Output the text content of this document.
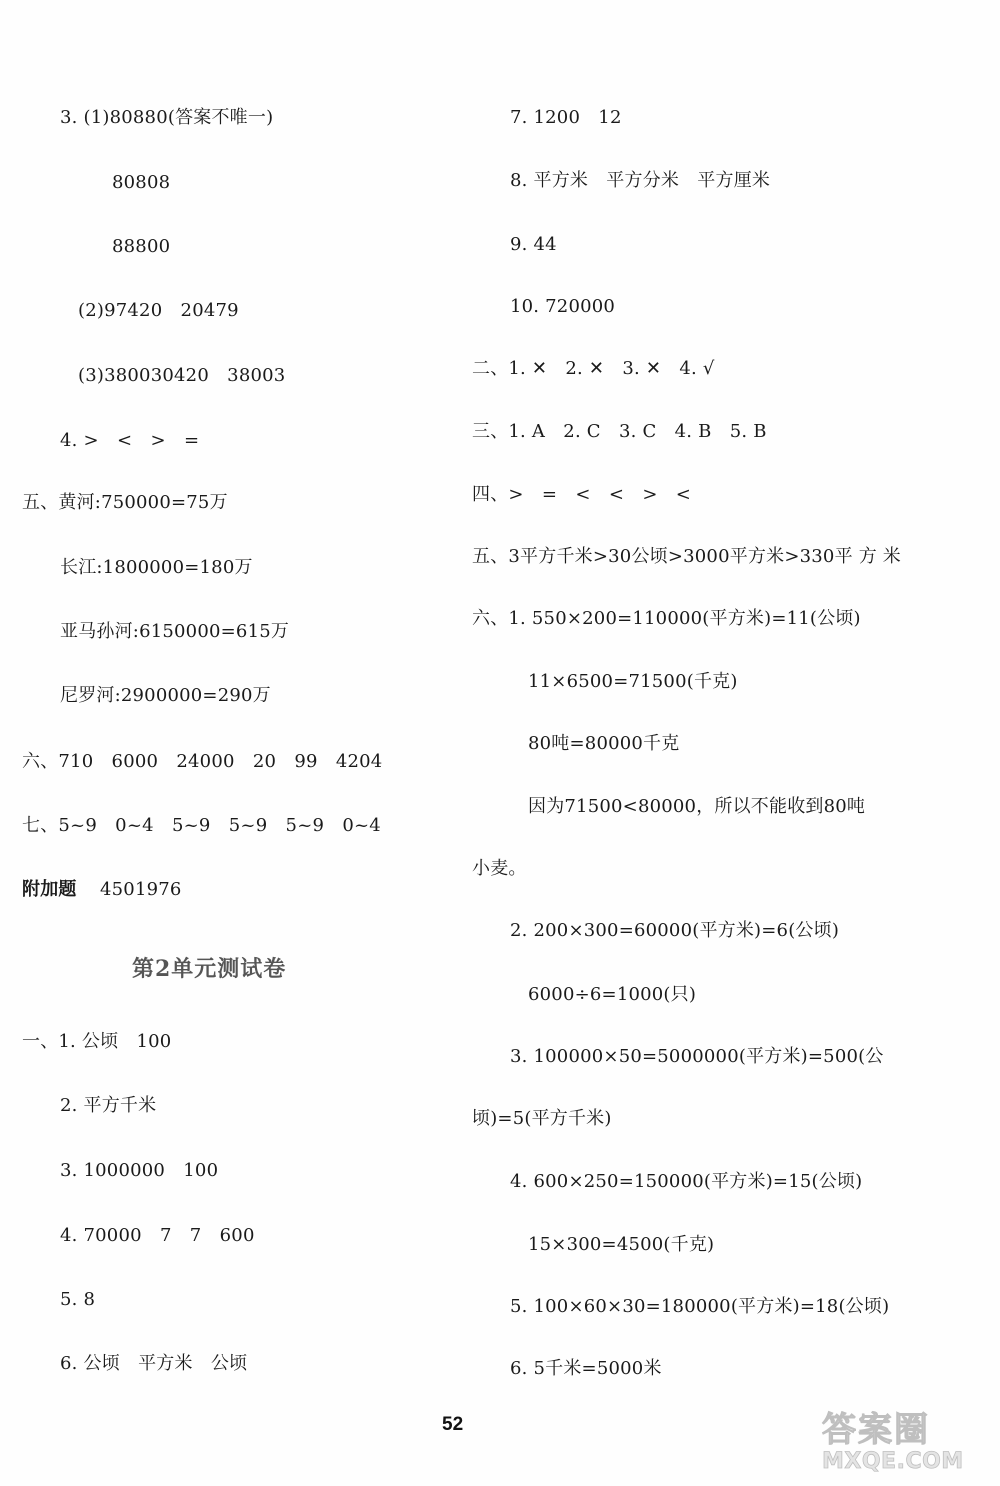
3. (1)80880(答案不唯一)
80808
88800
(2)97420　20479
(3)380030420　38003
4. >　<　>　=
五、黄河:750000=75万
长江:1800000=180万
亚马孙河:6150000=615万
尼罗河:2900000=290万
六、710　6000　24000　20　99　4204
七、5~9　0~4　5~9　5~9　5~9　0~4
附加题 4501976
第2单元测试卷
一、1. 公顷　100
2. 平方千米
3. 1000000　100
4. 70000　7　7　600
5. 8
6. 公顷　平方米　公顷
7. 1200　12
8. 平方米　平方分米　平方厘米
9. 44
10. 720000
二、1. ✕　2. ✕　3. ✕　4. √
三、1. A　2. C　3. C　4. B　5. B
四、>　=　<　<　>　<
五、3平方千米>30公顷>3000平方米>330平 方 米
六、1. 550×200=110000(平方米)=11(公顷)
11×6500=71500(千克)
80吨=80000千克
因为71500<80000，所以不能收到80吨
小麦。
2. 200×300=60000(平方米)=6(公顷)
6000÷6=1000(只)
3. 100000×50=5000000(平方米)=500(公
顷)=5(平方千米)
4. 600×250=150000(平方米)=15(公顷)
15×300=4500(千克)
5. 100×60×30=180000(平方米)=18(公顷)
6. 5千米=5000米
52	答案圈
MXQE.COM
